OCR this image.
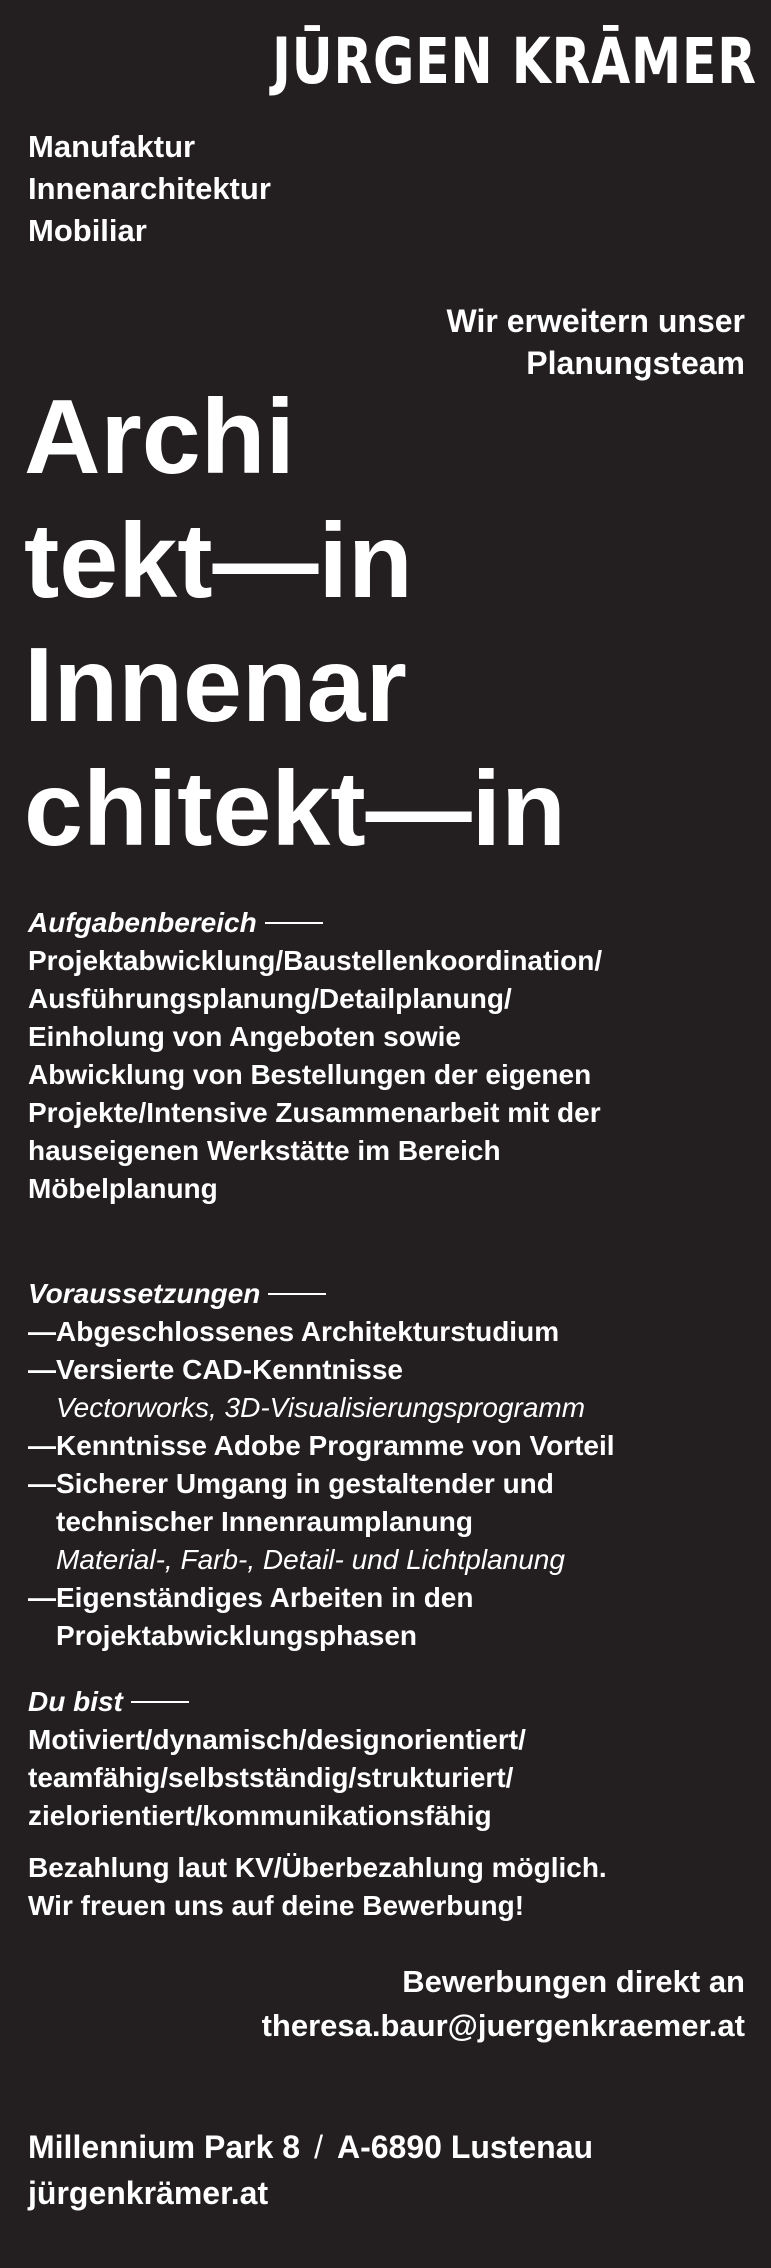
JŪRGEN KRĀMER
Manufaktur
Innenarchitektur
Mobiliar
Wir erweitern unser
Planungsteam
Archi
tekt—in
Innenar
chitekt—in
Aufgabenbereich
Projektabwicklung/Baustellenkoordination/
Ausführungsplanung/Detailplanung/
Einholung von Angeboten sowie
Abwicklung von Bestellungen der eigenen
Projekte/Intensive Zusammenarbeit mit der
hauseigenen Werkstätte im Bereich
Möbelplanung
Voraussetzungen
— Abgeschlossenes Architekturstudium
— Versierte CAD-Kenntnisse
Vectorworks, 3D-Visualisierungsprogramm
— Kenntnisse Adobe Programme von Vorteil
— Sicherer Umgang in gestaltender und
technischer Innenraumplanung
Material-, Farb-, Detail- und Lichtplanung
— Eigenständiges Arbeiten in den
Projektabwicklungsphasen
Du bist
Motiviert/dynamisch/designorientiert/
teamfähig/selbstständig/strukturiert/
zielorientiert/kommunikationsfähig
Bezahlung laut KV/Überbezahlung möglich.
Wir freuen uns auf deine Bewerbung!
Bewerbungen direkt an
theresa.baur@juergenkraemer.at
Millennium Park 8 / A-6890 Lustenau
jürgenkrämer.at
